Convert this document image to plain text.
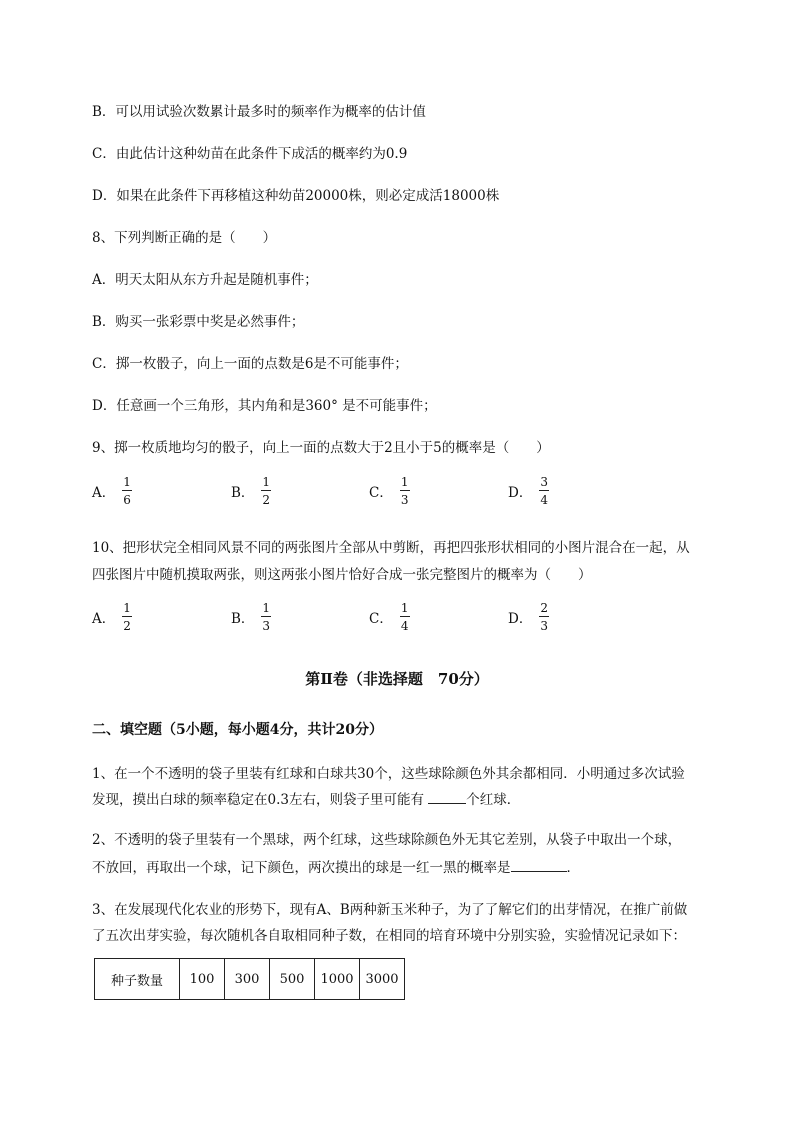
B．可以用试验次数累计最多时的频率作为概率的估计值
C．由此估计这种幼苗在此条件下成活的概率约为0.9
D．如果在此条件下再移植这种幼苗20000株，则必定成活18000株
8、下列判断正确的是（　　）
A．明天太阳从东方升起是随机事件；
B．购买一张彩票中奖是必然事件；
C．掷一枚骰子，向上一面的点数是6是不可能事件；
D．任意画一个三角形，其内角和是360° 是不可能事件；
9、掷一枚质地均匀的骰子，向上一面的点数大于2且小于5的概率是（　　）
A． $\frac{1}{6}$	B． $\frac{1}{2}$	C． $\frac{1}{3}$	D． $\frac{3}{4}$
10、把形状完全相同风景不同的两张图片全部从中剪断，再把四张形状相同的小图片混合在一起，从
四张图片中随机摸取两张，则这两张小图片恰好合成一张完整图片的概率为（　　）
A． $\frac{1}{2}$	B． $\frac{1}{3}$	C． $\frac{1}{4}$	D． $\frac{2}{3}$
第Ⅱ卷（非选择题　70分）
二、填空题（5小题，每小题4分，共计20分）
1、在一个不透明的袋子里装有红球和白球共30个，这些球除颜色外其余都相同．小明通过多次试验
发现，摸出白球的频率稳定在0.3左右，则袋子里可能有	个红球．
2、不透明的袋子里装有一个黑球，两个红球，这些球除颜色外无其它差别，从袋子中取出一个球，
不放回，再取出一个球，记下颜色，两次摸出的球是一红一黑的概率是	．
3、在发展现代化农业的形势下，现有A、B两种新玉米种子，为了了解它们的出芽情况，在推广前做
了五次出芽实验，每次随机各自取相同种子数，在相同的培育环境中分别实验，实验情况记录如下：
种子数量	100	300	500	1000	3000
